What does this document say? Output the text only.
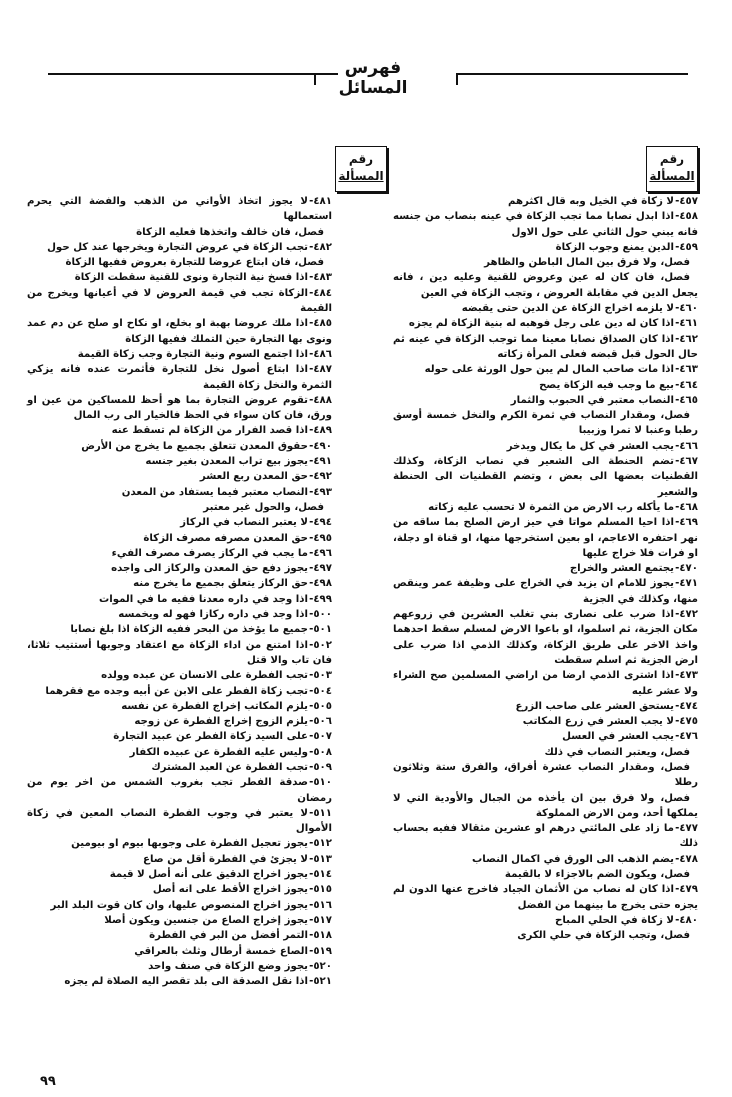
فهرس المسائل
رقم
المسألة
رقم
المسألة
٤٥٧-لا زكاة في الخيل وبه قال اكثرهم
٤٥٨-اذا ابدل نصابا مما تجب الزكاة في عينه بنصاب من جنسه فانه يبني حول الثاني على حول الاول
٤٥٩-الدين يمنع وجوب الزكاة
فصل، ولا فرق بين المال الباطن والظاهر
فصل، فان كان له عين وعروض للقنية وعليه دين ، فانه يجعل الدين في مقابلة العروض ، وتجب الزكاة في العين
٤٦٠-لا يلزمه اخراج الزكاة عن الدين حتى يقبضه
٤٦١-اذا كان له دين على رجل فوهبه له بنية الزكاة لم يجزه
٤٦٢-اذا كان الصداق نصابا معينا مما توجب الزكاة في عينه ثم حال الحول قبل قبضه فعلى المرأة زكاته
٤٦٣-اذا مات صاحب المال لم يبن حول الورثة على حوله
٤٦٤-بيع ما وجب فيه الزكاة يصح
٤٦٥-النصاب معتبر في الحبوب والثمار
فصل، ومقدار النصاب في ثمرة الكرم والنخل خمسة أوسق رطبا وعنبا لا تمرا وزبيبا
٤٦٦-يجب العشر في كل ما يكال ويدخر
٤٦٧-تضم الحنطة الى الشعير في نصاب الزكاة، وكذلك القطنيات بعضها الى بعض ، وتضم القطنيات الى الحنطة والشعير
٤٦٨-ما يأكله رب الارض من الثمرة لا تحسب عليه زكاته
٤٦٩-اذا احيا المسلم مواتا في حيز ارض الصلح بما ساقه من نهر احتفره الاعاجم، او بعين استخرجها منها، او قناة او دجلة، او فرات فلا خراج عليها
٤٧٠-يجتمع العشر والخراج
٤٧١-يجوز للامام ان يزيد في الخراج على وظيفة عمر وينقص منها، وكذلك في الجزية
٤٧٢-اذا ضرب على نصارى بني تغلب العشرين في زروعهم مكان الجزية، ثم اسلموا، او باعوا الارض لمسلم سقط احدهما واخذ الاخر على طريق الزكاة، وكذلك الذمي اذا ضرب على ارض الجزية ثم اسلم سقطت
٤٧٣-اذا اشترى الذمي ارضا من اراضي المسلمين صح الشراء ولا عشر عليه
٤٧٤-يستحق العشر على صاحب الزرع
٤٧٥-لا يجب العشر في زرع المكاتب
٤٧٦-يجب العشر في العسل
فصل، ويعتبر النصاب في ذلك
فصل، ومقدار النصاب عشرة أفراق، والفرق ستة وثلاثون رطلا
فصل، ولا فرق بين ان يأخذه من الجبال والأودية التي لا يملكها أحد، ومن الارض المملوكة
٤٧٧-ما زاد على المائتي درهم او عشرين مثقالا ففيه بحساب ذلك
٤٧٨-يضم الذهب الى الورق في اكمال النصاب
فصل، ويكون الضم بالاجزاء لا بالقيمة
٤٧٩-اذا كان له نصاب من الأثمان الجياد فاخرج عنها الدون لم يجزه حتى يخرج ما بينهما من الفضل
٤٨٠-لا زكاة في الحلي المباح
فصل، وتجب الزكاة في حلي الكرى
٤٨١-لا يجوز اتخاذ الأواني من الذهب والفضة التي يحرم استعمالها
فصل، فان خالف واتخذها فعليه الزكاة
٤٨٢-تجب الزكاة في عروض التجارة ويخرجها عند كل حول
فصل، فان ابتاع عروضا للتجارة بعروض ففيها الزكاة
٤٨٣-اذا فسخ نية التجارة ونوى للقنية سقطت الزكاة
٤٨٤-الزكاة تجب في قيمة العروض لا في أعيانها ويخرج من القيمة
٤٨٥-اذا ملك عروضا بهبة او بخلع، او نكاح او صلح عن دم عمد ونوى بها التجارة حين التملك ففيها الزكاة
٤٨٦-اذا اجتمع السوم ونية التجارة وجب زكاة القيمة
٤٨٧-اذا ابتاع أصول نخل للتجارة فأثمرت عنده فانه يزكي الثمرة والنخل زكاة القيمة
٤٨٨-تقوم عروض التجارة بما هو أحظ للمساكين من عين او ورق، فان كان سواء في الحظ فالخيار الى رب المال
٤٨٩-اذا قصد الفرار من الزكاة لم تسقط عنه
٤٩٠-حقوق المعدن تتعلق بجميع ما يخرج من الأرض
٤٩١-يجوز بيع تراب المعدن بغير جنسه
٤٩٢-حق المعدن ربع العشر
٤٩٣-النصاب معتبر فيما يستفاد من المعدن
فصل، والحول غير معتبر
٤٩٤-لا يعتبر النصاب في الركاز
٤٩٥-حق المعدن مصرفه مصرف الزكاة
٤٩٦-ما يجب في الركاز يصرف مصرف الفيء
٤٩٧-يجوز دفع حق المعدن والركاز الى واجده
٤٩٨-حق الركاز يتعلق بجميع ما يخرج منه
٤٩٩-اذا وجد في داره معدنا ففيه ما في الموات
٥٠٠-اذا وجد في داره ركازا فهو له ويخمسه
٥٠١-جميع ما يؤخذ من البحر ففيه الزكاة اذا بلغ نصابا
٥٠٢-اذا امتنع من اداء الزكاة مع اعتقاد وجوبها أستتيب ثلاثا، فان تاب والا قتل
٥٠٣-تجب الفطرة على الانسان عن عبده وولده
٥٠٤-تجب زكاة الفطر على الابن عن أبيه وجده مع فقرهما
٥٠٥-يلزم المكاتب إخراج الفطرة عن نفسه
٥٠٦-يلزم الزوج إخراج الفطرة عن زوجه
٥٠٧-على السيد زكاة الفطر عن عبيد التجارة
٥٠٨-وليس عليه الفطرة عن عبيده الكفار
٥٠٩-تجب الفطرة عن العبد المشترك
٥١٠-صدقة الفطر تجب بغروب الشمس من اخر يوم من رمضان
٥١١-لا يعتبر في وجوب الفطرة النصاب المعين في زكاة الأموال
٥١٢-يجوز تعجيل الفطرة على وجوبها بيوم او بيومين
٥١٣-لا يجزئ في الفطرة أقل من صاع
٥١٤-يجوز اخراج الدقيق على أنه أصل لا قيمة
٥١٥-يجوز اخراج الأقط على انه أصل
٥١٦-يجوز اخراج المنصوص عليها، وان كان قوت البلد البر
٥١٧-يجوز إخراج الصاع من جنسين ويكون أصلا
٥١٨-التمر أفضل من البر في الفطرة
٥١٩-الصاع خمسة أرطال وثلث بالعراقي
٥٢٠-يجوز وضع الزكاة في صنف واحد
٥٢١-اذا نقل الصدقة الى بلد تقصر اليه الصلاة لم يجزه
٩٩
